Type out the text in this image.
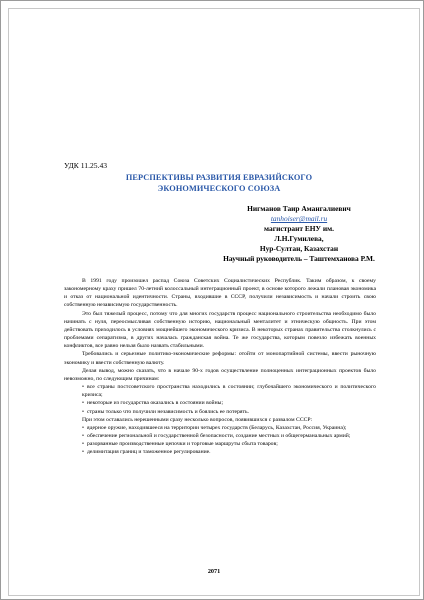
УДК 11.25.43
ПЕРСПЕКТИВЫ РАЗВИТИЯ ЕВРАЗИЙСКОГО ЭКОНОМИЧЕСКОГО СОЮЗА
Нигманов Таир Амангалиевич
tanhoiser@mail.ru
магистрант ЕНУ им.
Л.Н.Гумилева,
Нур-Султан, Казахстан
Научный руководитель – Таштемханова Р.М.

В 1991 году произошел распад Союза Советских Социалистических Республик. Таким образом, к своему закономерному краху пришел 70-летний колоссальный интеграционный проект, в основе которого лежали плановая экономика и отказ от национальной идентичности. Страны, входившие в СССР, получили независимость и начали строить свою собственную независимую государственность.

Это был тяжелый процесс, потому что для многих государств процесс национального строительства необходимо было начинать с нуля, переосмысливая собственную историю, национальный менталитет и этническую общность. При этом действовать приходилось в условиях мощнейшего экономического кризиса. В некоторых странах правительства столкнулись с проблемами сепаратизма, в других началась гражданская война. Те же государства, которым повезло избежать военных конфликтов, все равно нельзя было назвать стабильными.

Требовались и серьезные политико-экономические реформы: отойти от монопартийной системы, ввести рыночную экономику и ввести собственную валюту.

Делая вывод, можно сказать, что в начале 90-х годов осуществление полноценных интеграционных проектов было невозможно, по следующим причинам:

• все страны постсоветского пространства находились в состоянии; глубочайшего экономического и политического кризиса;

• некоторые из государства оказались в состоянии войны;

• страны только что получили независимость и боялись ее потерять.

При этом оставались нерешенными сразу несколько вопросов, появившихся с развалом СССР:

• ядерное оружие, находившееся на территории четырех государств (Беларусь, Казахстан, Россия, Украина);

• обеспечение региональной и государственной безопасности, создание местных и общегерманальных армий;

• разорванные производственные цепочки и торговые маршруты сбыта товаров;

• делимитация границ и таможенное регулирование.

2071
